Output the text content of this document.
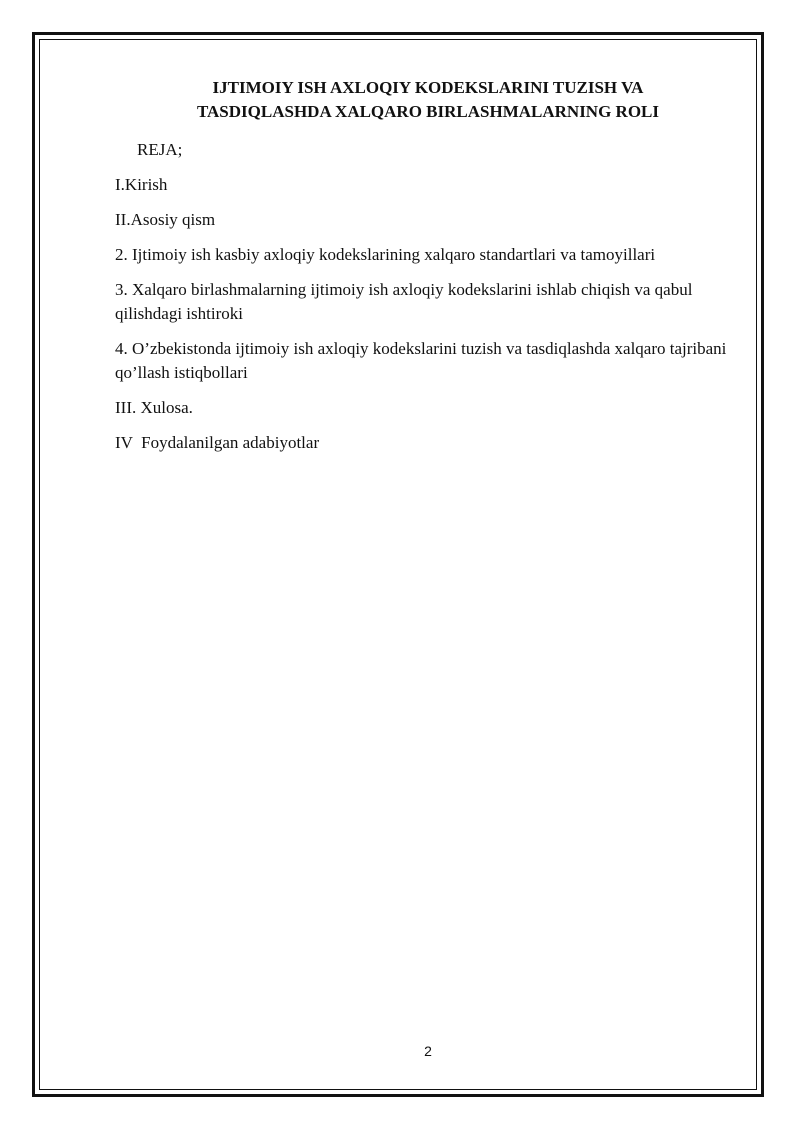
IJTIMOIY ISH AXLOQIY KODEKSLARINI TUZISH VA
TASDIQLASHDA XALQARO BIRLASHMALARNING ROLI

REJA;

I.Kirish

II.Asosiy qism

2. Ijtimoiy ish kasbiy axloqiy kodekslarining xalqaro standartlari va tamoyillari

3. Xalqaro birlashmalarning ijtimoiy ish axloqiy kodekslarini ishlab chiqish va qabul qilishdagi ishtiroki

4. O’zbekistonda ijtimoiy ish axloqiy kodekslarini tuzish va tasdiqlashda xalqaro tajribani qo’llash istiqbollari

III. Xulosa.

IV  Foydalanilgan adabiyotlar

2
